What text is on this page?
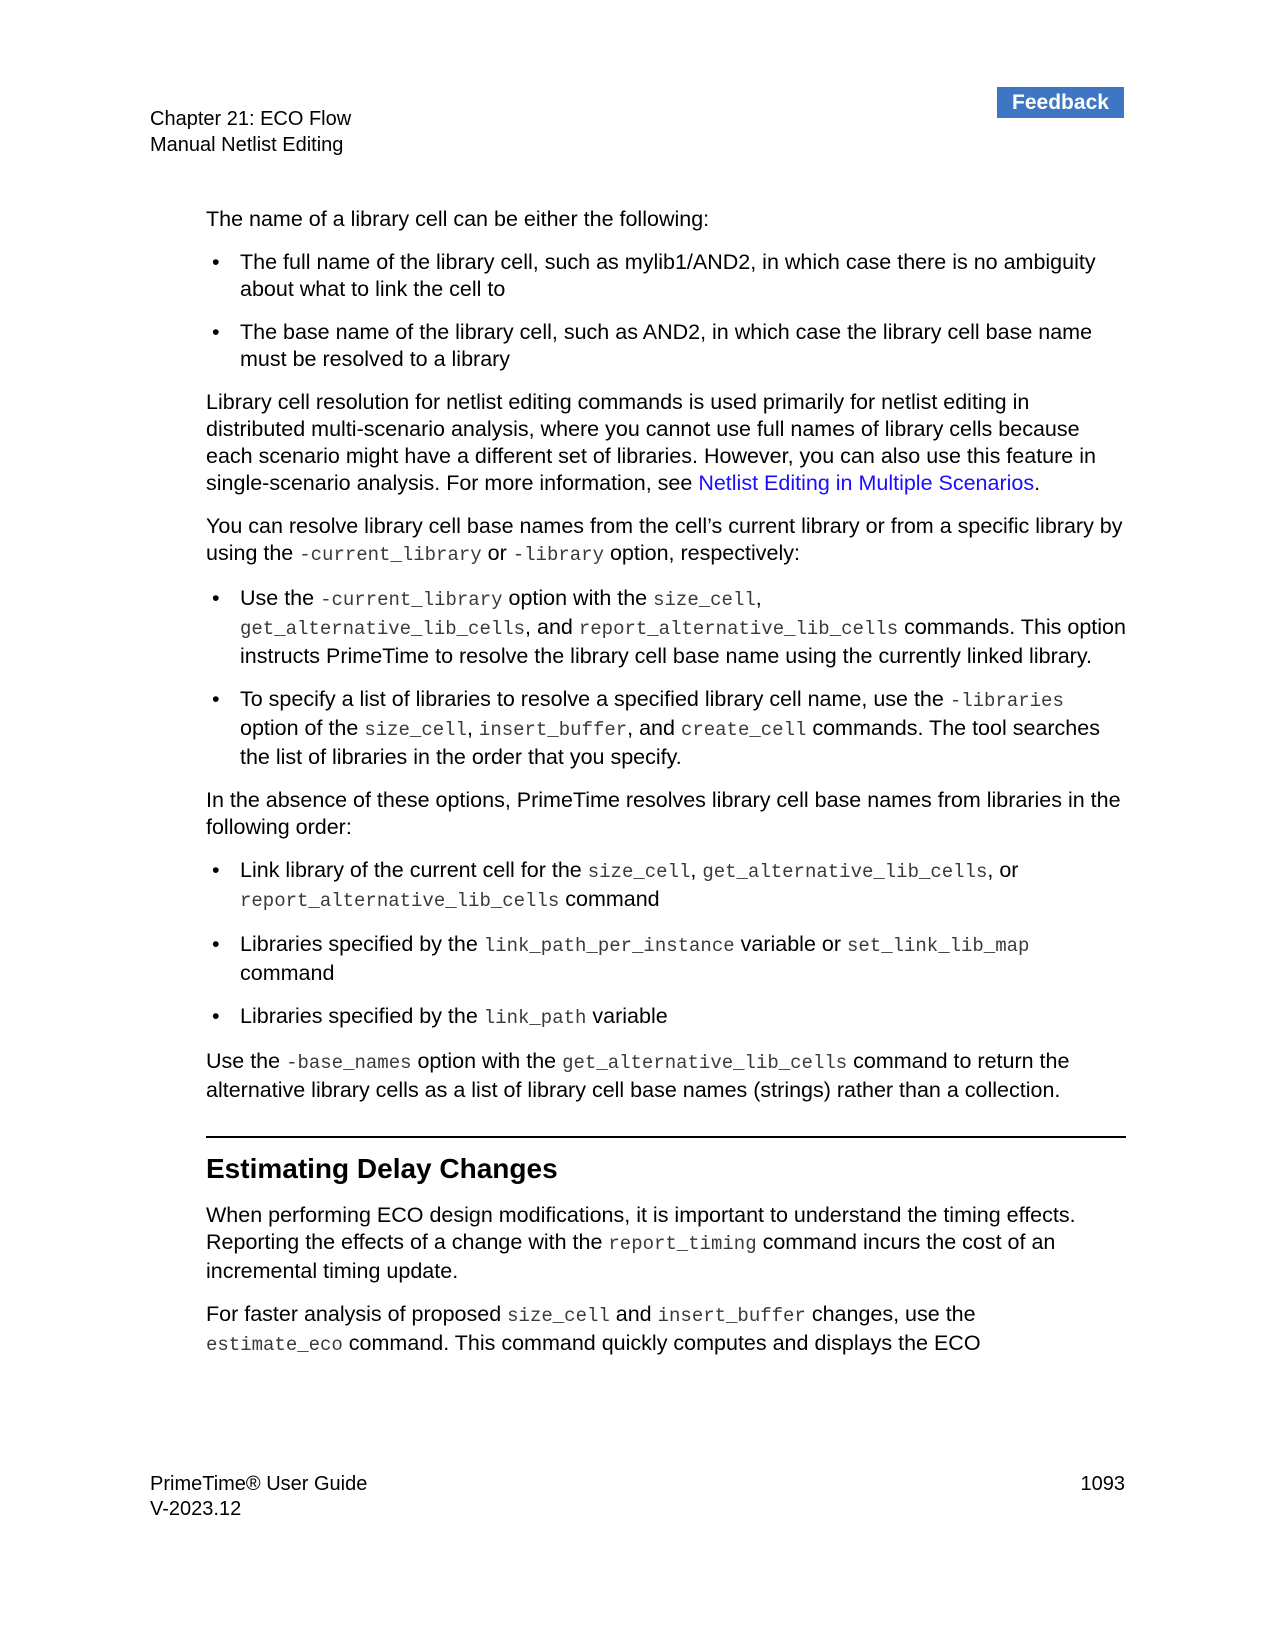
Feedback
Chapter 21: ECO Flow
Manual Netlist Editing

The name of a library cell can be either the following:

• The full name of the library cell, such as mylib1/AND2, in which case there is no ambiguity about what to link the cell to
• The base name of the library cell, such as AND2, in which case the library cell base name must be resolved to a library

Library cell resolution for netlist editing commands is used primarily for netlist editing in distributed multi-scenario analysis, where you cannot use full names of library cells because each scenario might have a different set of libraries. However, you can also use this feature in single-scenario analysis. For more information, see Netlist Editing in Multiple Scenarios.

You can resolve library cell base names from the cell’s current library or from a specific library by using the -current_library or -library option, respectively:

• Use the -current_library option with the size_cell,
get_alternative_lib_cells, and report_alternative_lib_cells commands. This option instructs PrimeTime to resolve the library cell base name using the currently linked library.
• To specify a list of libraries to resolve a specified library cell name, use the -libraries option of the size_cell, insert_buffer, and create_cell commands. The tool searches the list of libraries in the order that you specify.

In the absence of these options, PrimeTime resolves library cell base names from libraries in the following order:

• Link library of the current cell for the size_cell, get_alternative_lib_cells, or
report_alternative_lib_cells command
• Libraries specified by the link_path_per_instance variable or set_link_lib_map
command
• Libraries specified by the link_path variable

Use the -base_names option with the get_alternative_lib_cells command to return the alternative library cells as a list of library cell base names (strings) rather than a collection.

Estimating Delay Changes

When performing ECO design modifications, it is important to understand the timing effects. Reporting the effects of a change with the report_timing command incurs the cost of an incremental timing update.

For faster analysis of proposed size_cell and insert_buffer changes, use the
estimate_eco command. This command quickly computes and displays the ECO

PrimeTime® User Guide
V-2023.12
1093
